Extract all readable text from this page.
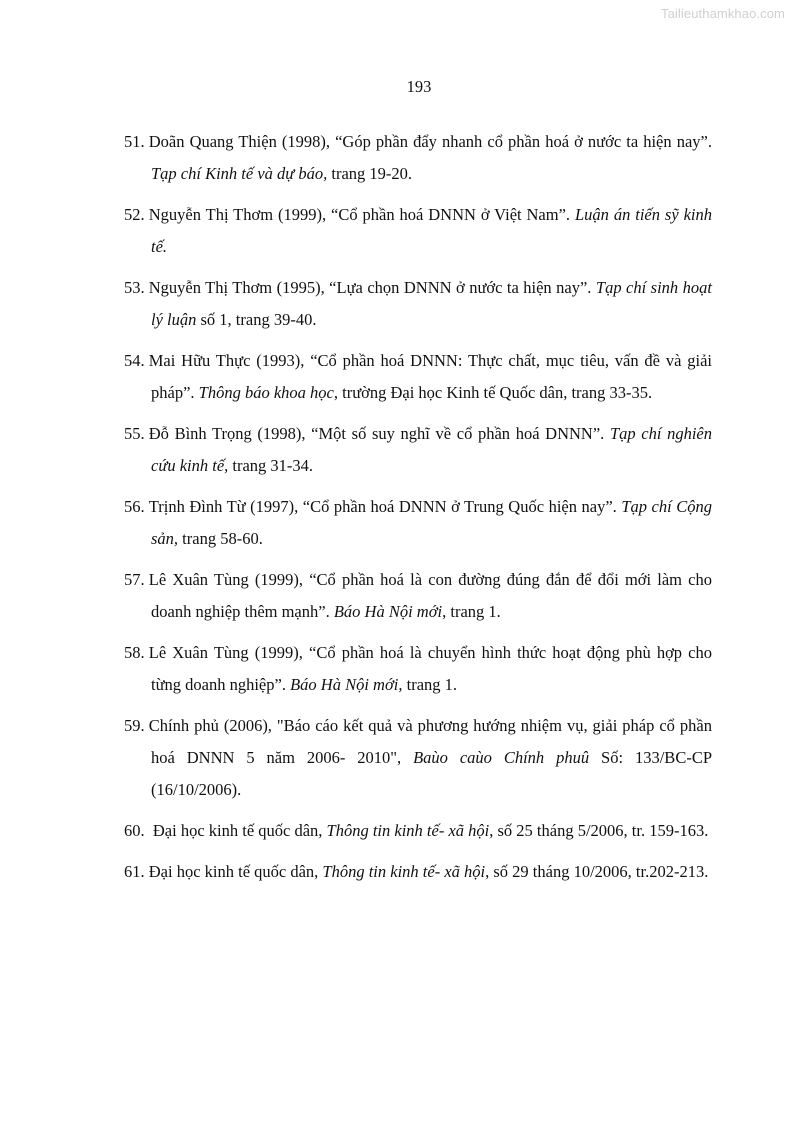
Tailieuthamkhao.com
193
51. Doãn Quang Thiện (1998), “Góp phần đẩy nhanh cổ phần hoá ở nước ta hiện nay”. Tạp chí Kinh tế và dự báo, trang 19-20.
52. Nguyễn Thị Thơm (1999), “Cổ phần hoá DNNN ở Việt Nam”. Luận án tiến sỹ kinh tế.
53. Nguyễn Thị Thơm (1995), “Lựa chọn DNNN ở nước ta hiện nay”. Tạp chí sinh hoạt lý luận số 1, trang 39-40.
54. Mai Hữu Thực (1993), “Cổ phần hoá DNNN: Thực chất, mục tiêu, vấn đề và giải pháp”. Thông báo khoa học, trường Đại học Kinh tế Quốc dân, trang 33-35.
55. Đỗ Bình Trọng (1998), “Một số suy nghĩ về cổ phần hoá DNNN”. Tạp chí nghiên cứu kinh tế, trang 31-34.
56. Trịnh Đình Từ (1997), “Cổ phần hoá DNNN ở Trung Quốc hiện nay”. Tạp chí Cộng sản, trang 58-60.
57. Lê Xuân Tùng (1999), “Cổ phần hoá là con đường đúng đắn để đổi mới làm cho doanh nghiệp thêm mạnh”. Báo Hà Nội mới, trang 1.
58. Lê Xuân Tùng (1999), “Cổ phần hoá là chuyển hình thức hoạt động phù hợp cho từng doanh nghiệp”. Báo Hà Nội mới, trang 1.
59. Chính phủ (2006), "Báo cáo kết quả và phương hướng nhiệm vụ, giải pháp cổ phần hoá DNNN 5 năm 2006- 2010", Baùo caùo Chính phuû Số: 133/BC-CP (16/10/2006).
60.  Đại học kinh tế quốc dân, Thông tin kinh tế- xã hội, số 25 tháng 5/2006, tr. 159-163.
61. Đại học kinh tế quốc dân, Thông tin kinh tế- xã hội, số 29 tháng 10/2006, tr.202-213.
